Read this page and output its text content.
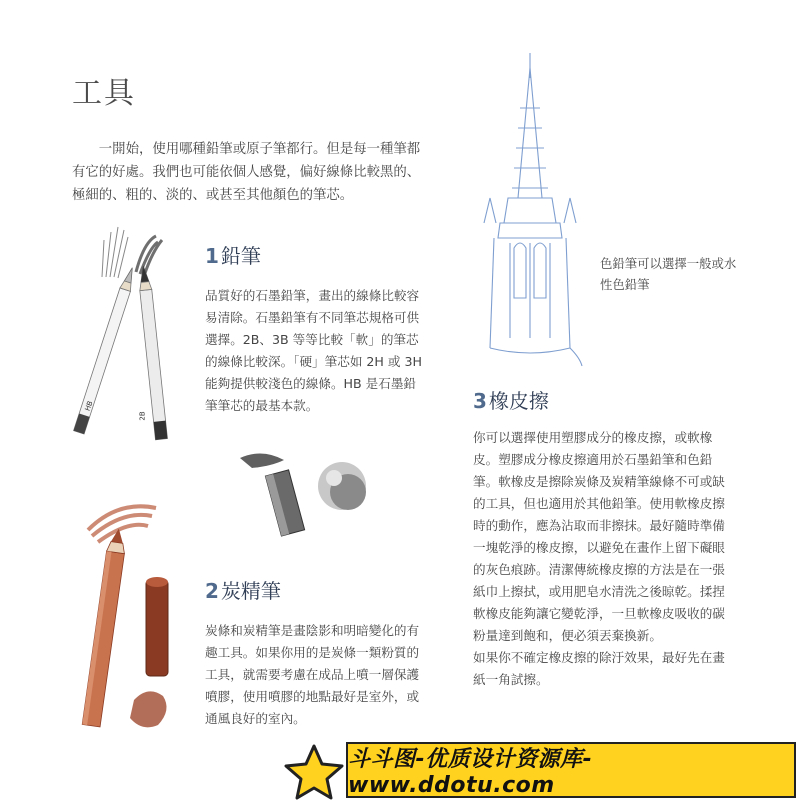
工具
一開始，使用哪種鉛筆或原子筆都行。但是每一種筆都有它的好處。我們也可能依個人感覺，偏好線條比較黑的、極細的、粗的、淡的、或甚至其他顏色的筆芯。
1 鉛筆
品質好的石墨鉛筆，畫出的線條比較容易清除。石墨鉛筆有不同筆芯規格可供選擇。2B、3B 等等比較「軟」的筆芯的線條比較深。「硬」筆芯如 2H 或 3H 能夠提供較淺色的線條。HB 是石墨鉛筆筆芯的最基本款。
2 炭精筆
炭條和炭精筆是畫陰影和明暗變化的有趣工具。如果你用的是炭條一類粉質的工具，就需要考慮在成品上噴一層保護噴膠，使用噴膠的地點最好是室外，或通風良好的室內。
3 橡皮擦
你可以選擇使用塑膠成分的橡皮擦，或軟橡皮。塑膠成分橡皮擦適用於石墨鉛筆和色鉛筆。軟橡皮是擦除炭條及炭精筆線條不可或缺的工具，但也適用於其他鉛筆。使用軟橡皮擦時的動作，應為沾取而非擦抹。最好隨時準備一塊乾淨的橡皮擦，以避免在畫作上留下礙眼的灰色痕跡。清潔傳統橡皮擦的方法是在一張紙巾上擦拭，或用肥皂水清洗之後晾乾。揉捏軟橡皮能夠讓它變乾淨，一旦軟橡皮吸收的碳粉量達到飽和，便必須丟棄換新。
如果你不確定橡皮擦的除汙效果，最好先在畫紙一角試擦。
色鉛筆可以選擇一般或水性色鉛筆
HB
2B
斗斗图-优质设计资源库-www.ddotu.com
